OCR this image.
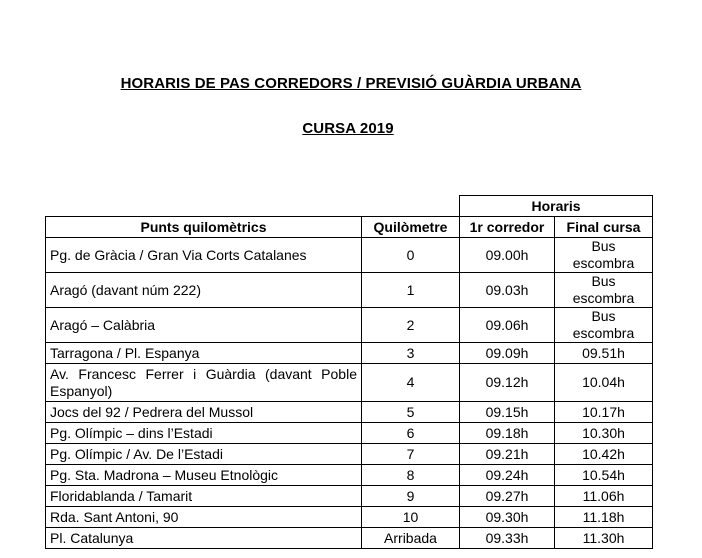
HORARIS DE PAS CORREDORS / PREVISIÓ GUÀRDIA URBANA
CURSA 2019
		Horaris	
Punts quilomètrics	Quilòmetre	1r corredor	Final cursa
Pg. de Gràcia / Gran Via Corts Catalanes	0	09.00h	Bus escombra
Aragó (davant núm 222)	1	09.03h	Bus escombra
Aragó – Calàbria	2	09.06h	Bus escombra
Tarragona / Pl. Espanya	3	09.09h	09.51h
Av. Francesc Ferrer i Guàrdia (davant Poble Espanyol)	4	09.12h	10.04h
Jocs del 92 / Pedrera del Mussol	5	09.15h	10.17h
Pg. Olímpic – dins l’Estadi	6	09.18h	10.30h
Pg. Olímpic / Av. De l’Estadi	7	09.21h	10.42h
Pg. Sta. Madrona – Museu Etnològic	8	09.24h	10.54h
Floridablanda / Tamarit	9	09.27h	11.06h
Rda. Sant Antoni, 90	10	09.30h	11.18h
Pl. Catalunya	Arribada	09.33h	11.30h
